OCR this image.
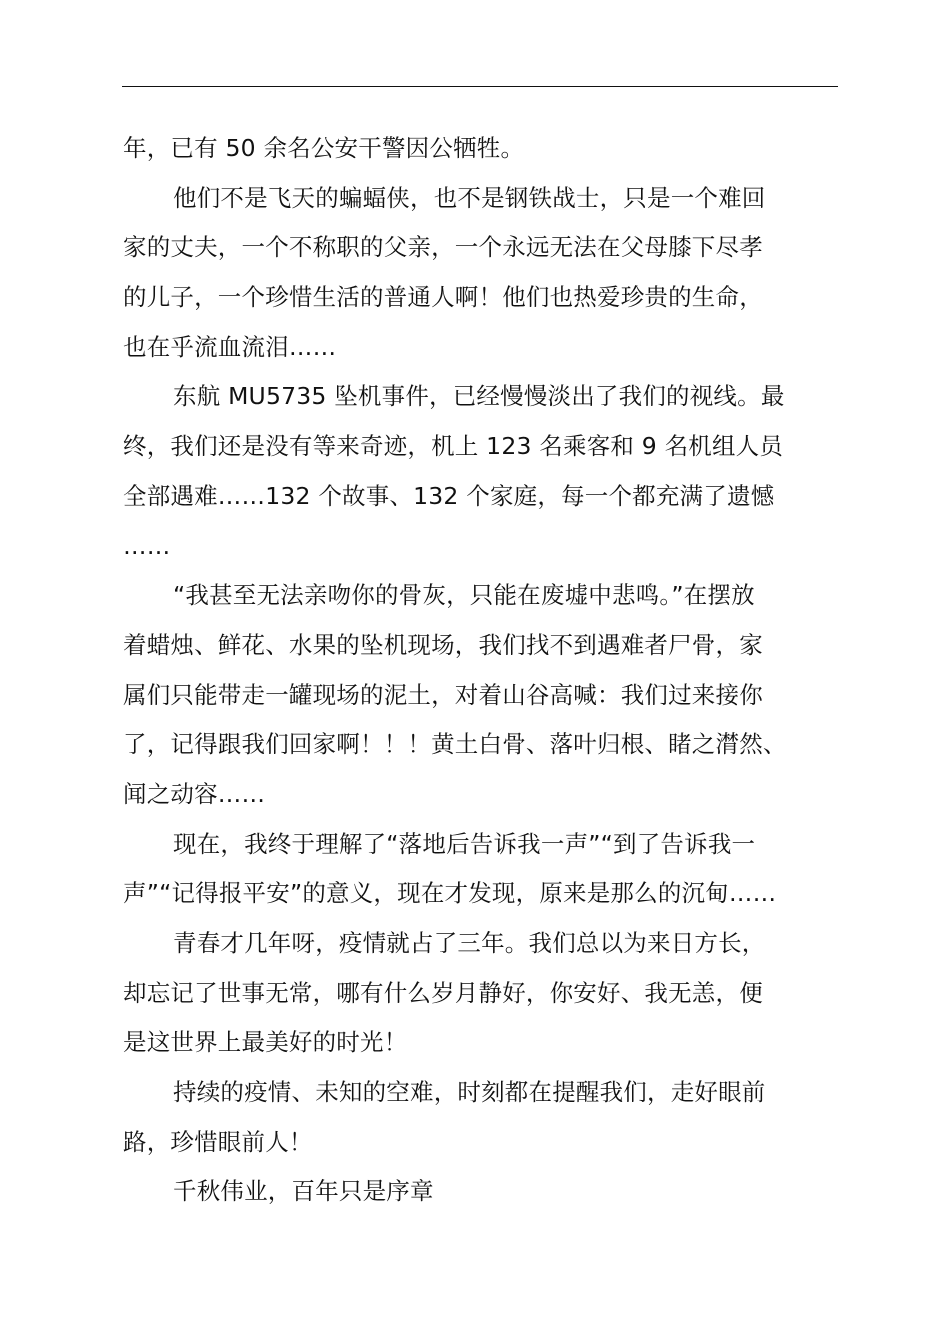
年，已有 50 余名公安干警因公牺牲。
他们不是飞天的蝙蝠侠，也不是钢铁战士，只是一个难回
家的丈夫，一个不称职的父亲，一个永远无法在父母膝下尽孝
的儿子，一个珍惜生活的普通人啊！他们也热爱珍贵的生命，
也在乎流血流泪……
东航 MU5735 坠机事件，已经慢慢淡出了我们的视线。最
终，我们还是没有等来奇迹，机上 123 名乘客和 9 名机组人员
全部遇难……132 个故事、132 个家庭，每一个都充满了遗憾
……
“我甚至无法亲吻你的骨灰，只能在废墟中悲鸣。”在摆放
着蜡烛、鲜花、水果的坠机现场，我们找不到遇难者尸骨，家
属们只能带走一罐现场的泥土，对着山谷高喊：我们过来接你
了，记得跟我们回家啊！！！黄土白骨、落叶归根、睹之潸然、
闻之动容……
现在，我终于理解了“落地后告诉我一声”“到了告诉我一
声”“记得报平安”的意义，现在才发现，原来是那么的沉甸……
青春才几年呀，疫情就占了三年。我们总以为来日方长，
却忘记了世事无常，哪有什么岁月静好，你安好、我无恙，便
是这世界上最美好的时光！
持续的疫情、未知的空难，时刻都在提醒我们，走好眼前
路，珍惜眼前人！
千秋伟业，百年只是序章
